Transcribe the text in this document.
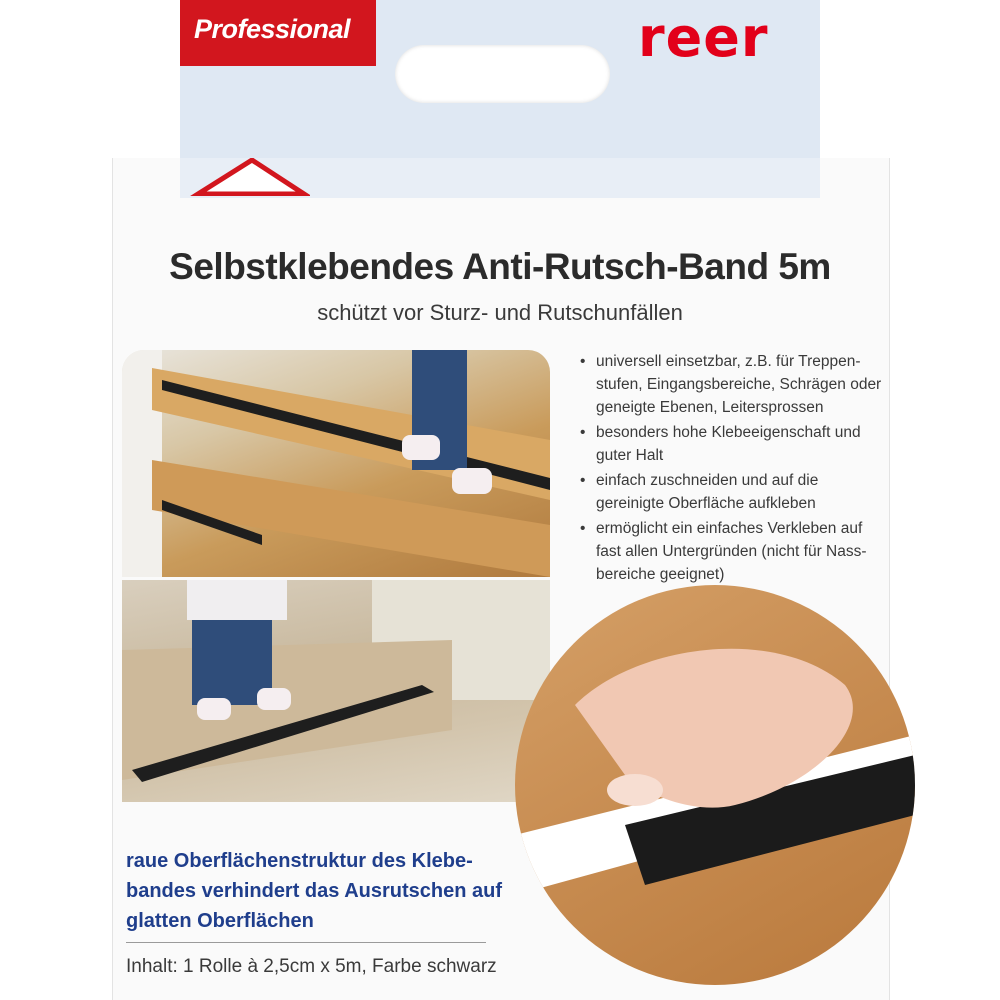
Professional	reer
Selbstklebendes Anti-Rutsch-Band 5m
schützt vor Sturz- und Rutschunfällen
• universell einsetzbar, z.B. für Treppen-stufen, Eingangsbereiche, Schrägen oder geneigte Ebenen, Leitersprossen
• besonders hohe Klebeeigenschaft und guter Halt
• einfach zuschneiden und auf die gereinigte Oberfläche aufkleben
• ermöglicht ein einfaches Verkleben auf fast allen Untergründen (nicht für Nass-bereiche geeignet)
raue Oberflächenstruktur des Klebe-bandes verhindert das Ausrutschen auf glatten Oberflächen
Inhalt: 1 Rolle à 2,5cm x 5m, Farbe schwarz
